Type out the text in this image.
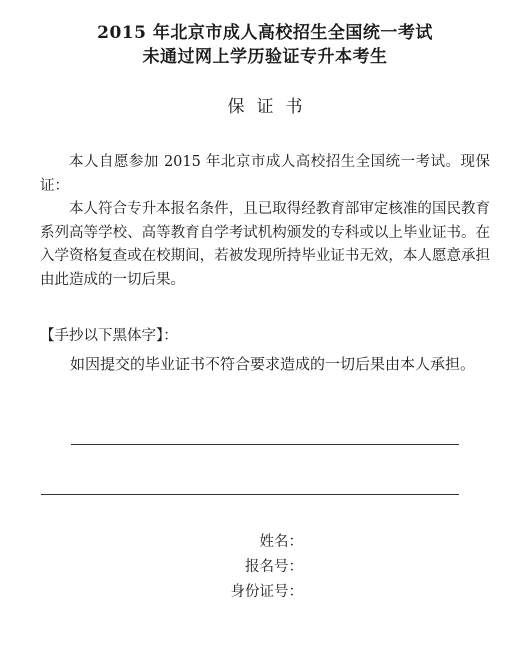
2015 年北京市成人高校招生全国统一考试
未通过网上学历验证专升本考生
保证书
本人自愿参加 2015 年北京市成人高校招生全国统一考试。现保证：
本人符合专升本报名条件，且已取得经教育部审定核准的国民教育系列高等学校、高等教育自学考试机构颁发的专科或以上毕业证书。在入学资格复查或在校期间，若被发现所持毕业证书无效，本人愿意承担由此造成的一切后果。
【手抄以下黑体字】：
如因提交的毕业证书不符合要求造成的一切后果由本人承担。
姓名：
报名号：
身份证号：
